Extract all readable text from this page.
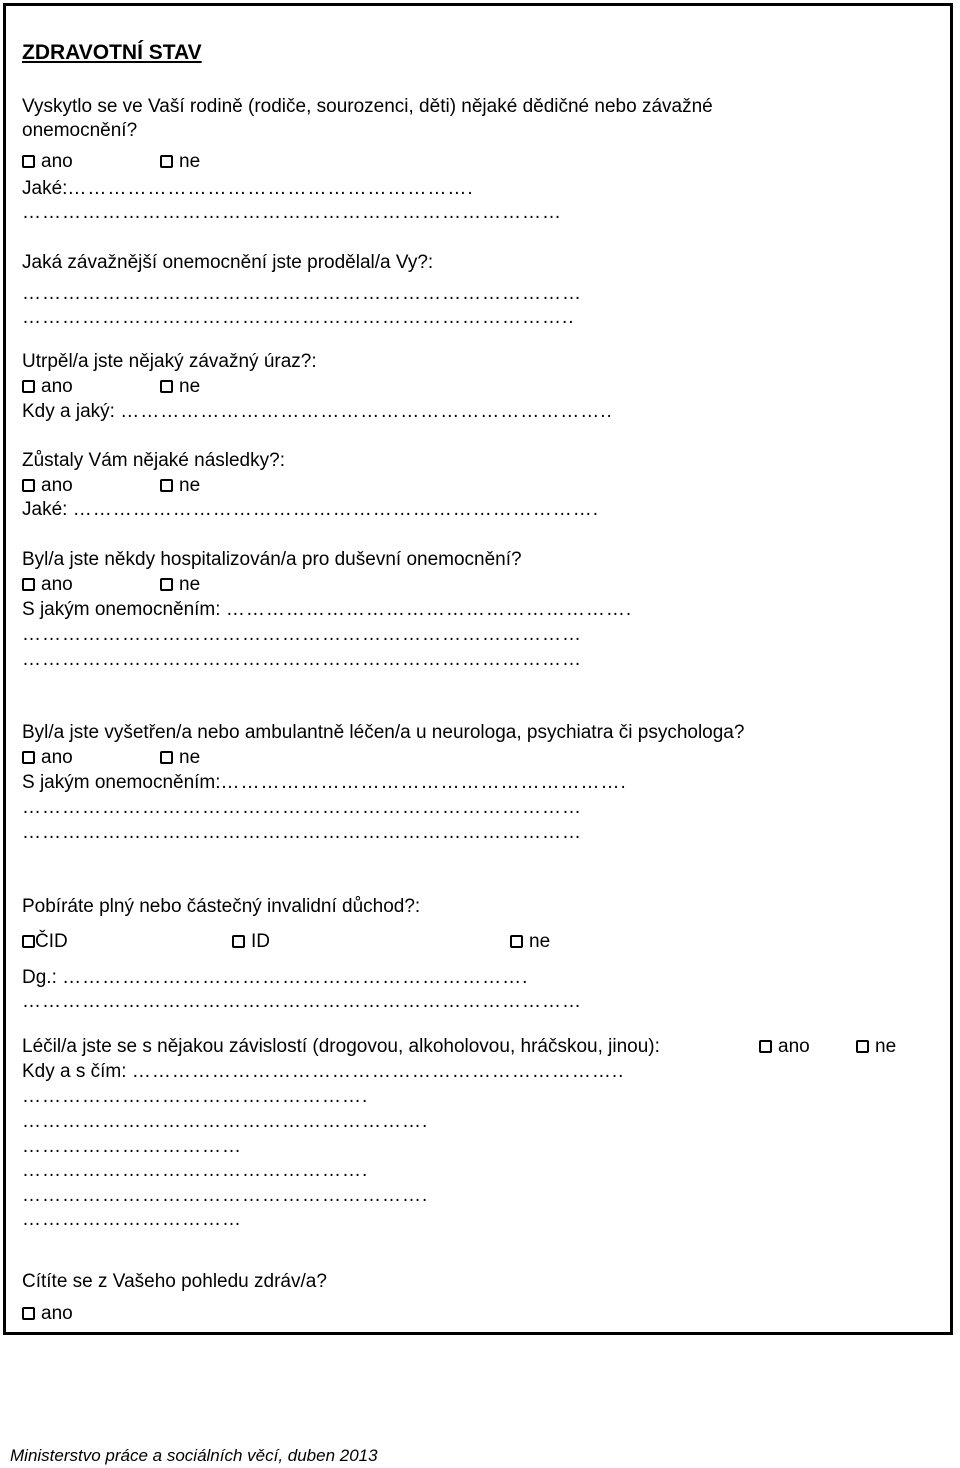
ZDRAVOTNÍ STAV
Vyskytlo se ve Vaší rodině (rodiče, sourozenci, děti) nějaké dědičné nebo závažné
onemocnění?
ano	ne
Jaké:…………………………………………………….
………………………………………………………………………
Jaká závažnější onemocnění jste prodělal/a Vy?:
…………………………………………………………………………
………………………………………………………………………..
Utrpěl/a jste nějaký závažný úraz?:
ano	ne
Kdy a jaký: ………………………………………………………………..
Zůstaly Vám nějaké následky?:
ano	ne
Jaké: …………………………………………………………………….
Byl/a jste někdy hospitalizován/a pro duševní onemocnění?
ano	ne
S jakým onemocněním: …………………………………………………….
…………………………………………………………………………
…………………………………………………………………………
Byl/a jste vyšetřen/a nebo ambulantně léčen/a u neurologa, psychiatra či psychologa?
ano	ne
S jakým onemocněním:…………………………………………………….
…………………………………………………………………………
…………………………………………………………………………
Pobíráte plný nebo částečný invalidní důchod?:
ČID	ID	ne
Dg.: …………………………………………………………….
…………………………………………………………………………
Léčil/a jste se s nějakou závislostí (drogovou, alkoholovou, hráčskou, jinou):	ano	ne
Kdy a s čím: ………………………………………………………………..
…………………………………………….
…………………………………………………….
……………………………
…………………………………………….
…………………………………………………….
……………………………
Cítíte se z Vašeho pohledu zdráv/a?
ano
Ministerstvo práce a sociálních věcí, duben 2013
